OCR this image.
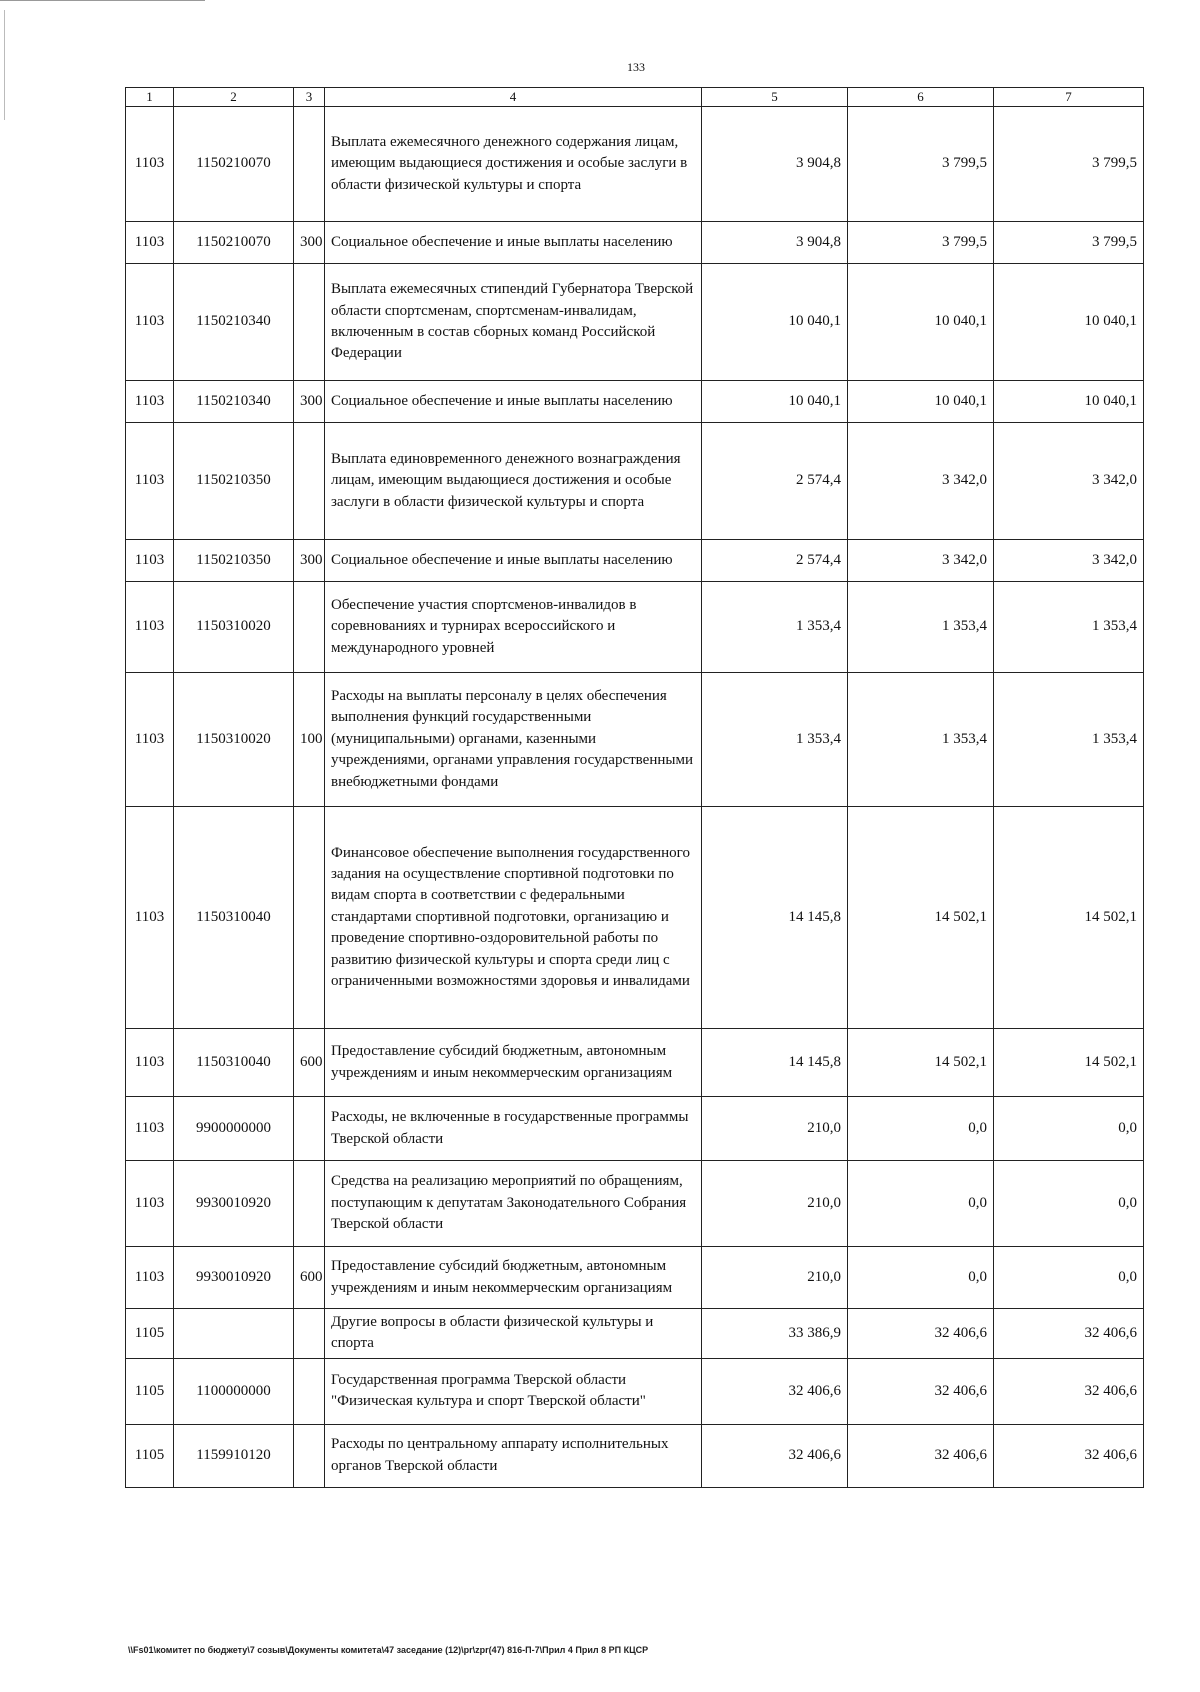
133
1	2	3	4	5	6	7
1103	1150210070		Выплата ежемесячного денежного содержания лицам, имеющим выдающиеся достижения и особые заслуги в области физической культуры и спорта	3 904,8	3 799,5	3 799,5
1103	1150210070	300	Социальное обеспечение и иные выплаты населению	3 904,8	3 799,5	3 799,5
1103	1150210340		Выплата ежемесячных стипендий Губернатора Тверской области спортсменам, спортсменам-инвалидам, включенным в состав сборных команд Российской Федерации	10 040,1	10 040,1	10 040,1
1103	1150210340	300	Социальное обеспечение и иные выплаты населению	10 040,1	10 040,1	10 040,1
1103	1150210350		Выплата единовременного денежного вознаграждения лицам, имеющим выдающиеся достижения и особые заслуги в области физической культуры и спорта	2 574,4	3 342,0	3 342,0
1103	1150210350	300	Социальное обеспечение и иные выплаты населению	2 574,4	3 342,0	3 342,0
1103	1150310020		Обеспечение участия спортсменов-инвалидов в соревнованиях и турнирах всероссийского и международного уровней	1 353,4	1 353,4	1 353,4
1103	1150310020	100	Расходы на выплаты персоналу в целях обеспечения выполнения функций государственными (муниципальными) органами, казенными учреждениями, органами управления государственными внебюджетными фондами	1 353,4	1 353,4	1 353,4
1103	1150310040		Финансовое обеспечение выполнения государственного задания на осуществление спортивной подготовки по видам спорта в соответствии с федеральными стандартами спортивной подготовки, организацию и проведение спортивно-оздоровительной работы по развитию физической культуры и спорта среди лиц с ограниченными возможностями здоровья и инвалидами	14 145,8	14 502,1	14 502,1
1103	1150310040	600	Предоставление субсидий бюджетным, автономным учреждениям и иным некоммерческим организациям	14 145,8	14 502,1	14 502,1
1103	9900000000		Расходы, не включенные в государственные программы Тверской области	210,0	0,0	0,0
1103	9930010920		Средства на реализацию мероприятий по обращениям, поступающим к депутатам Законодательного Собрания Тверской области	210,0	0,0	0,0
1103	9930010920	600	Предоставление субсидий бюджетным, автономным учреждениям и иным некоммерческим организациям	210,0	0,0	0,0
1105			Другие вопросы в области физической культуры и спорта	33 386,9	32 406,6	32 406,6
1105	1100000000		Государственная программа Тверской области "Физическая культура и спорт Тверской области"	32 406,6	32 406,6	32 406,6
1105	1159910120		Расходы по центральному аппарату исполнительных органов Тверской области	32 406,6	32 406,6	32 406,6
\\Fs01\комитет по бюджету\7 созыв\Документы комитета\47 заседание (12)\pr\zpr(47) 816-П-7\Прил 4 Прил 8 РП КЦСР
